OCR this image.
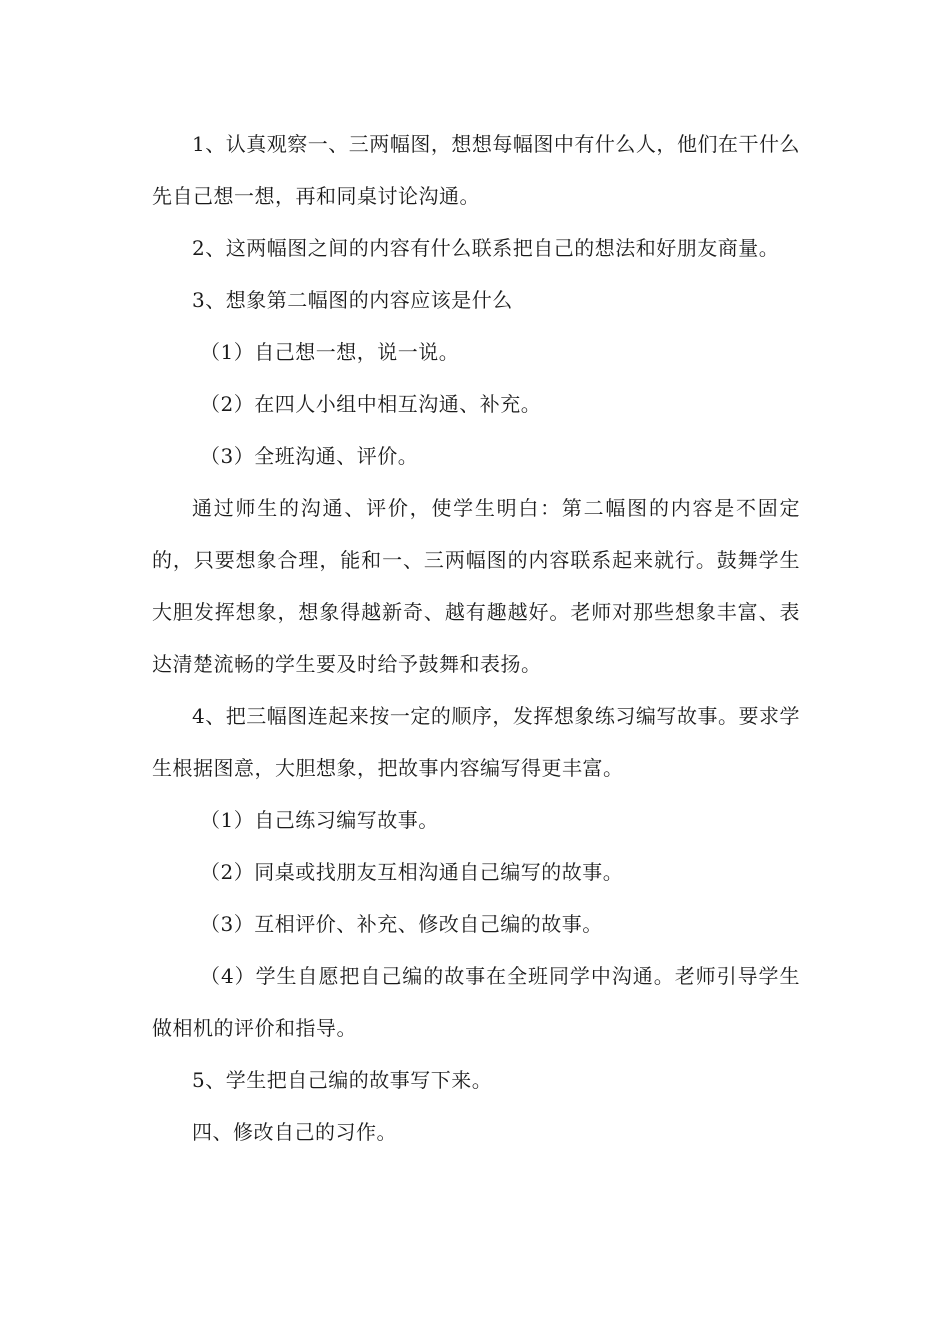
1、认真观察一、三两幅图，想想每幅图中有什么人，他们在干什么先自己想一想，再和同桌讨论沟通。

2、这两幅图之间的内容有什么联系把自己的想法和好朋友商量。

3、想象第二幅图的内容应该是什么

（1）自己想一想，说一说。

（2）在四人小组中相互沟通、补充。

（3）全班沟通、评价。

通过师生的沟通、评价，使学生明白：第二幅图的内容是不固定的，只要想象合理，能和一、三两幅图的内容联系起来就行。鼓舞学生大胆发挥想象，想象得越新奇、越有趣越好。老师对那些想象丰富、表达清楚流畅的学生要及时给予鼓舞和表扬。

4、把三幅图连起来按一定的顺序，发挥想象练习编写故事。要求学生根据图意，大胆想象，把故事内容编写得更丰富。

（1）自己练习编写故事。

（2）同桌或找朋友互相沟通自己编写的故事。

（3）互相评价、补充、修改自己编的故事。

（4）学生自愿把自己编的故事在全班同学中沟通。老师引导学生做相机的评价和指导。

5、学生把自己编的故事写下来。

四、修改自己的习作。
